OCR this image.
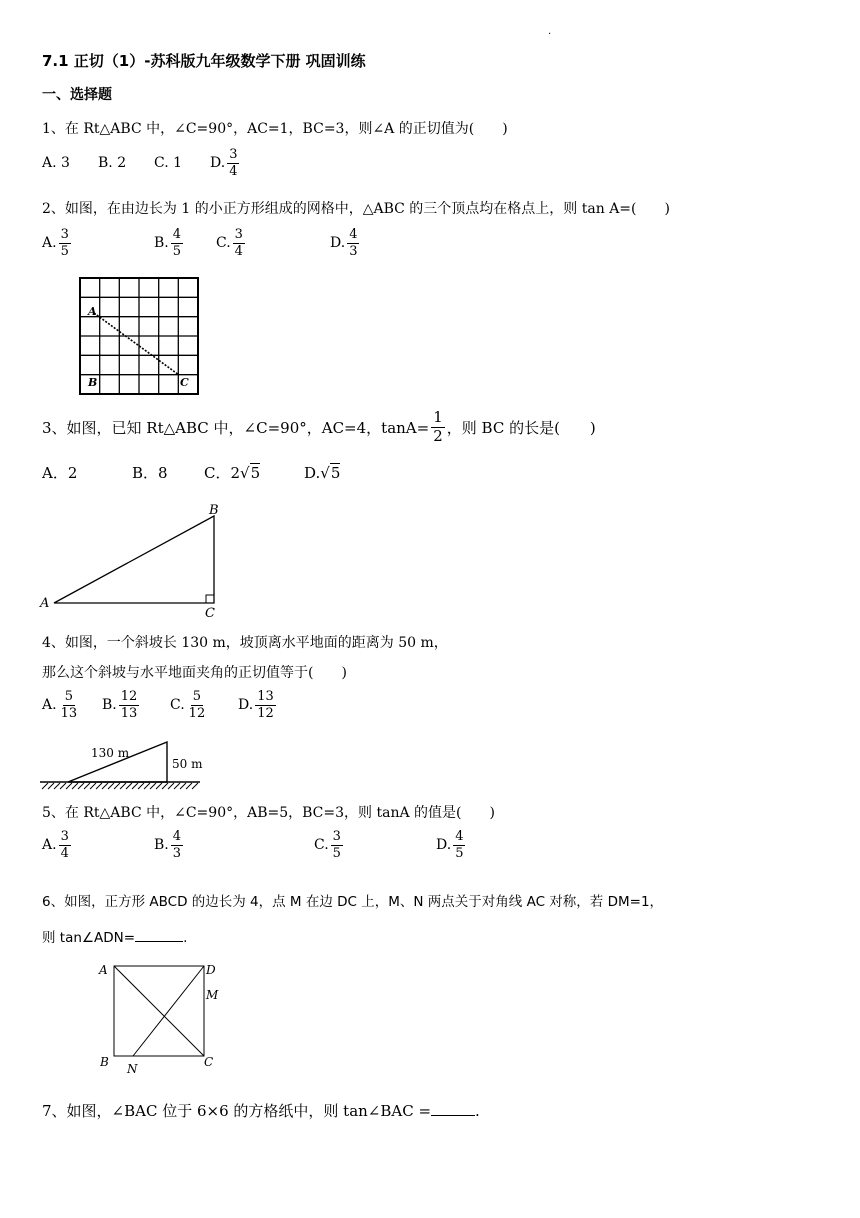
.
7.1 正切（1）-苏科版九年级数学下册 巩固训练
一、选择题
1、在 Rt△ABC 中，∠C=90°，AC=1，BC=3，则∠A 的正切值为(　　)
A. 3	B. 2	C. 1	D. $\frac{3}{4}$
2、如图，在由边长为 1 的小正方形组成的网格中，△ABC 的三个顶点均在格点上，则 tan A=(　　)
A. $\frac{3}{5}$	B. $\frac{4}{5} C$. $\frac{3}{4}$	D. $\frac{4}{3}$
A
B	C
3、如图，已知 Rt△ABC 中，∠C=90°，AC=4，$\tan A= \frac{1}{2}$ ，则 BC 的长是(　　)
A．2	B．8	C．2 √ 5	D. √ 5
A
B
C
4、如图，一个斜坡长 130 m，坡顶离水平地面的距离为 50 m，
那么这个斜坡与水平地面夹角的正切值等于(　　)
A. $\frac{5}{13} B$. $\frac{12}{13} C$. $\frac{5}{12} D$. $\frac{13}{12}$
130 m
50 m
5、在 Rt△ABC 中，∠C=90°，AB=5，BC=3，则 tanA 的值是(　　)
A. $\frac{3}{4}$	B. $\frac{4}{3}$	C. $\frac{3}{5}$	D. $\frac{4}{5}$
6、如图，正方形 ABCD 的边长为 4，点 M 在边 DC 上，M、N 两点关于对角线 AC 对称，若 DM=1，
则 tan∠ADN=	.
A	D
M
B	C
N
7、如图，∠BAC 位于 6×6 的方格纸中，则 tan∠BAC =	.
